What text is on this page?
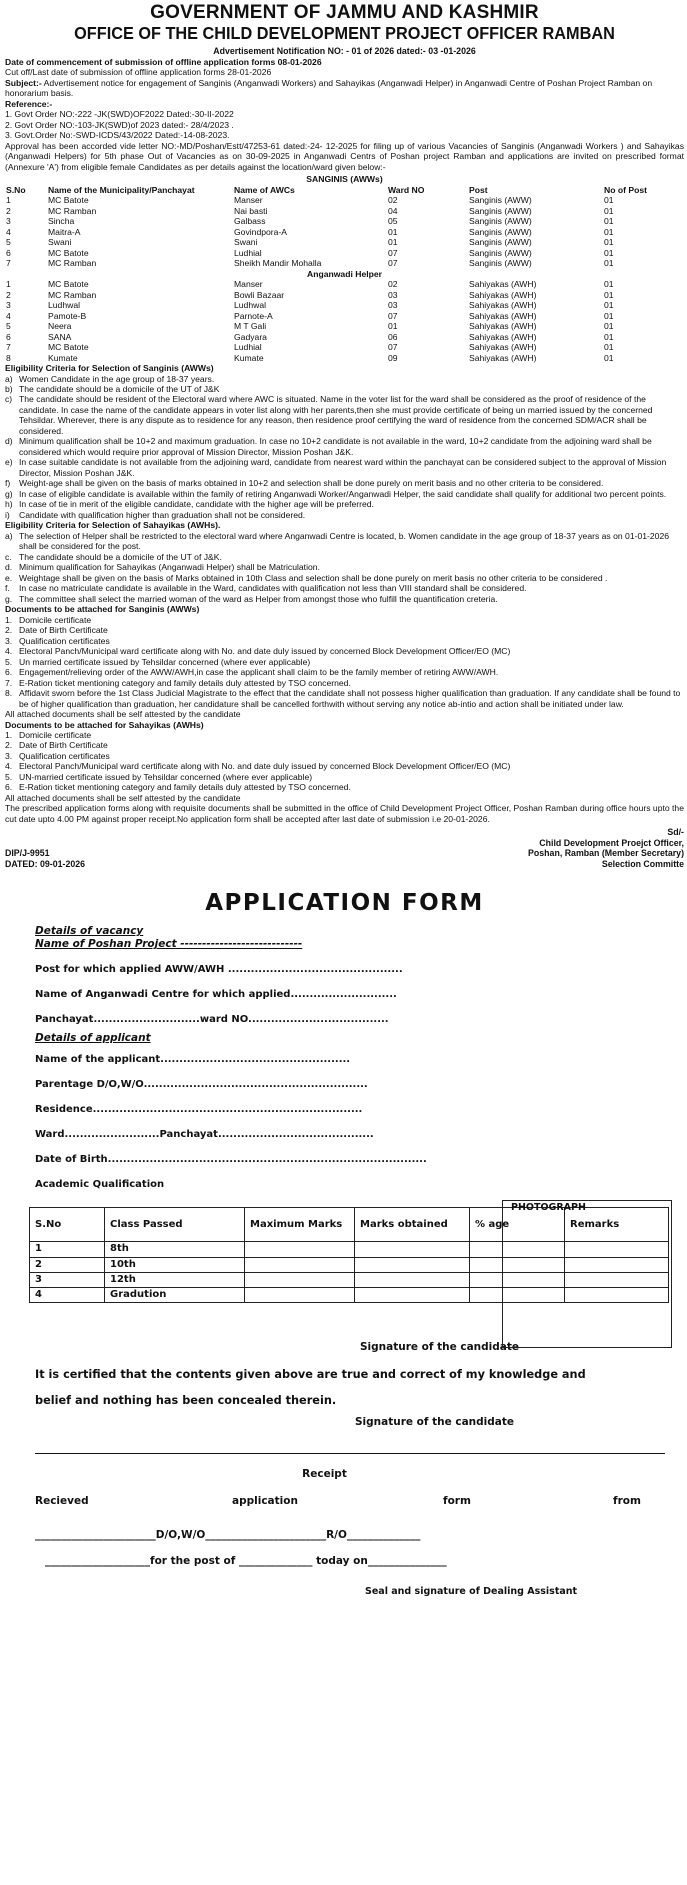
GOVERNMENT OF JAMMU AND KASHMIR
OFFICE OF THE CHILD DEVELOPMENT PROJECT OFFICER RAMBAN
Advertisement Notification NO: - 01 of 2026 dated:- 03 -01-2026

Date of commencement of submission of offline application forms 08-01-2026

Cut off/Last date of submission of offline application forms 28-01-2026

Subject:- Advertisement notice for engagement of Sanginis (Anganwadi Workers) and Sahayikas (Anganwadi Helper) in Anganwadi Centre of Poshan Project Ramban on honorarium basis.

Reference:-

1. Govt Order NO:-222 -JK(SWD)OF2022 Dated:-30-II-2022

2. Govt Order NO:-103-JK(SWD)of 2023 dated:- 28/4/2023 .

3. Govt.Order No:-SWD-ICDS/43/2022 Dated:-14-08-2023.

Approval has been accorded vide letter NO:-MD/Poshan/Estt/47253-61 dated:-24- 12-2025 for filing up of various Vacancies of Sanginis (Anganwadi Workers ) and Sahayikas (Anganwadi Helpers) for 5th phase Out of Vacancies as on 30-09-2025 in Anganwadi Centrs of Poshan project Ramban and applications are invited on prescribed format (Annexure 'A') from eligible female Candidates as per details against the location/ward given below:-

SANGINIS (AWWs)
S.No	Name of the Municipality/Panchayat	Name of AWCs	Ward NO	Post	No of Post
1	MC Batote	Manser	02	Sanginis (AWW)	01
2	MC Ramban	Nai basti	04	Sanginis (AWW)	01
3	Sincha	Galbass	05	Sanginis (AWW)	01
4	Maitra-A	Govindpora-A	01	Sanginis (AWW)	01
5	Swani	Swani	01	Sanginis (AWW)	01
6	MC Batote	Ludhial	07	Sanginis (AWW)	01
7	MC Ramban	Sheikh Mandir Mohalla	07	Sanginis (AWW)	01
Anganwadi Helper					
1	MC Batote	Manser	02	Sahiyakas (AWH)	01
2	MC Ramban	Bowli Bazaar	03	Sahiyakas (AWH)	01
3	Ludhwal	Ludhwal	03	Sahiyakas (AWH)	01
4	Pamote-B	Parnote-A	07	Sahiyakas (AWH)	01
5	Neera	M T Gali	01	Sahiyakas (AWH)	01
6	SANA	Gadyara	06	Sahiyakas (AWH)	01
7	MC Batote	Ludhial	07	Sahiyakas (AWH)	01
8	Kumate	Kumate	09	Sahiyakas (AWH)	01
Eligibility Criteria for Selection of Sanginis (AWWs)
a) Women Candidate in the age group of 18-37 years.
b) The candidate should be a domicile of the UT of J&K
c) The candidate should be resident of the Electoral ward where AWC is situated. Name in the voter list for the ward shall be considered as the proof of residence of the candidate. In case the name of the candidate appears in voter list along with her parents,then she must provide certificate of being un married issued by the concerned Tehsildar. Wherever, there is any dispute as to residence for any reason, then residence proof certifying the ward of residence from the concerned SDM/ACR shall be considered.
d) Minimum qualification shall be 10+2 and maximum graduation. In case no 10+2 candidate is not available in the ward, 10+2 candidate from the adjoining ward shall be considered which would require prior approval of Mission Director, Mission Poshan J&K.
e) In case suitable candidate is not available from the adjoining ward, candidate from nearest ward within the panchayat can be considered subject to the approval of Mission Director, Mission Poshan J&K.
f)	Weight-age shall be given on the basis of marks obtained in 10+2 and selection shall be done purely on merit basis and no other criteria to be considered.
g) In case of eligible candidate is available within the family of retiring Anganwadi Worker/Anganwadi Helper, the said candidate shall qualify for additional two percent points.
h) In case of tie in merit of the eligible candidate, candidate with the higher age will be preferred.
i)	Candidate with qualification higher than graduation shall not be considered.
Eligibility Criteria for Selection of Sahayikas (AWHs).
a) The selection of Helper shall be restricted to the electoral ward where Anganwadi Centre is located, b. Women candidate in the age group of 18-37 years as on 01-01-2026 shall be considered for the post.
c. The candidate should be a domicile of the UT of J&K.
d. Minimum qualification for Sahayikas (Anganwadi Helper) shall be Matriculation.
e. Weightage shall be given on the basis of Marks obtained in 10th Class and selection shall be done purely on merit basis no other criteria to be considered .
f.	In case no matriculate candidate is available in the Ward, candidates with qualification not less than VIII standard shall be considered.
g. The committee shall select the married woman of the ward as Helper from amongst those who fulfill the quantification creteria.
Documents to be attached for Sanginis (AWWs)
1. Domicile certificate
2. Date of Birth Certificate
3. Qualification certificates
4. Electoral Panch/Municipal ward certificate along with No. and date duly issued by concerned Block Development Officer/EO (MC)
5. Un married certificate issued by Tehsildar concerned (where ever applicable)
6. Engagement/relieving order of the AWW/AWH,in case the applicant shall claim to be the family member of retiring AWW/AWH.
7. E-Ration ticket mentioning category and family details duly attested by TSO concerned.
8. Affidavit sworn before the 1st Class Judicial Magistrate to the effect that the candidate shall not possess higher qualification than graduation. If any candidate shall be found to be of higher qualification than graduation, her candidature shall be cancelled forthwith without serving any notice ab-intio and action shall be initiated under law.

All attached documents shall be self attested by the candidate

Documents to be attached for Sahayikas (AWHs)
1. Domicile certificate
2. Date of Birth Certificate
3. Qualification certificates
4. Electoral Panch/Municipal ward certificate along with No. and date duly issued by concerned Block Development Officer/EO (MC)
5. UN-married certificate issued by Tehsildar concerned (where ever applicable)
6. E-Ration ticket mentioning category and family details duly attested by TSO concerned.

All attached documents shall be self attested by the candidate

The prescribed application forms along with requisite documents shall be submitted in the office of Child Development Project Officer, Poshan Ramban during office hours upto the cut date upto 4.00 PM against proper receipt.No application form shall be accepted after last date of submission i.e 20-01-2026.

Sd/-
DIP/J-9951
DATED: 09-01-2026
Child Development Proejct Officer,
Poshan, Ramban (Member Secretary)
Selection Committe
APPLICATION FORM
Details of vacancy
Name of Poshan Project ----------------------------
Post for which applied AWW/AWH ..............................................
Name of Anganwadi Centre for which applied............................
Panchayat............................ward NO.....................................
Details of applicant
Name of the applicant..................................................
Parentage D/O,W/O...........................................................
Residence.......................................................................
Ward.........................Panchayat.........................................
Date of Birth....................................................................................
Academic Qualification
S.No	Class Passed	Maximum Marks	Marks obtained	% age	Remarks
1	8th				
2	10th				
3	12th				
4	Gradution				
Signature of the candidate
It is certified that the contents given above are true and correct of my knowledge and
belief and nothing has been concealed therein.
Signature of the candidate
Receipt
Recieved	application	form	from
_______________________D/O,W/O_______________________R/O______________
____________________for the post of ______________ today on_______________
Seal and signature of Dealing Assistant
PHOTOGRAPH
